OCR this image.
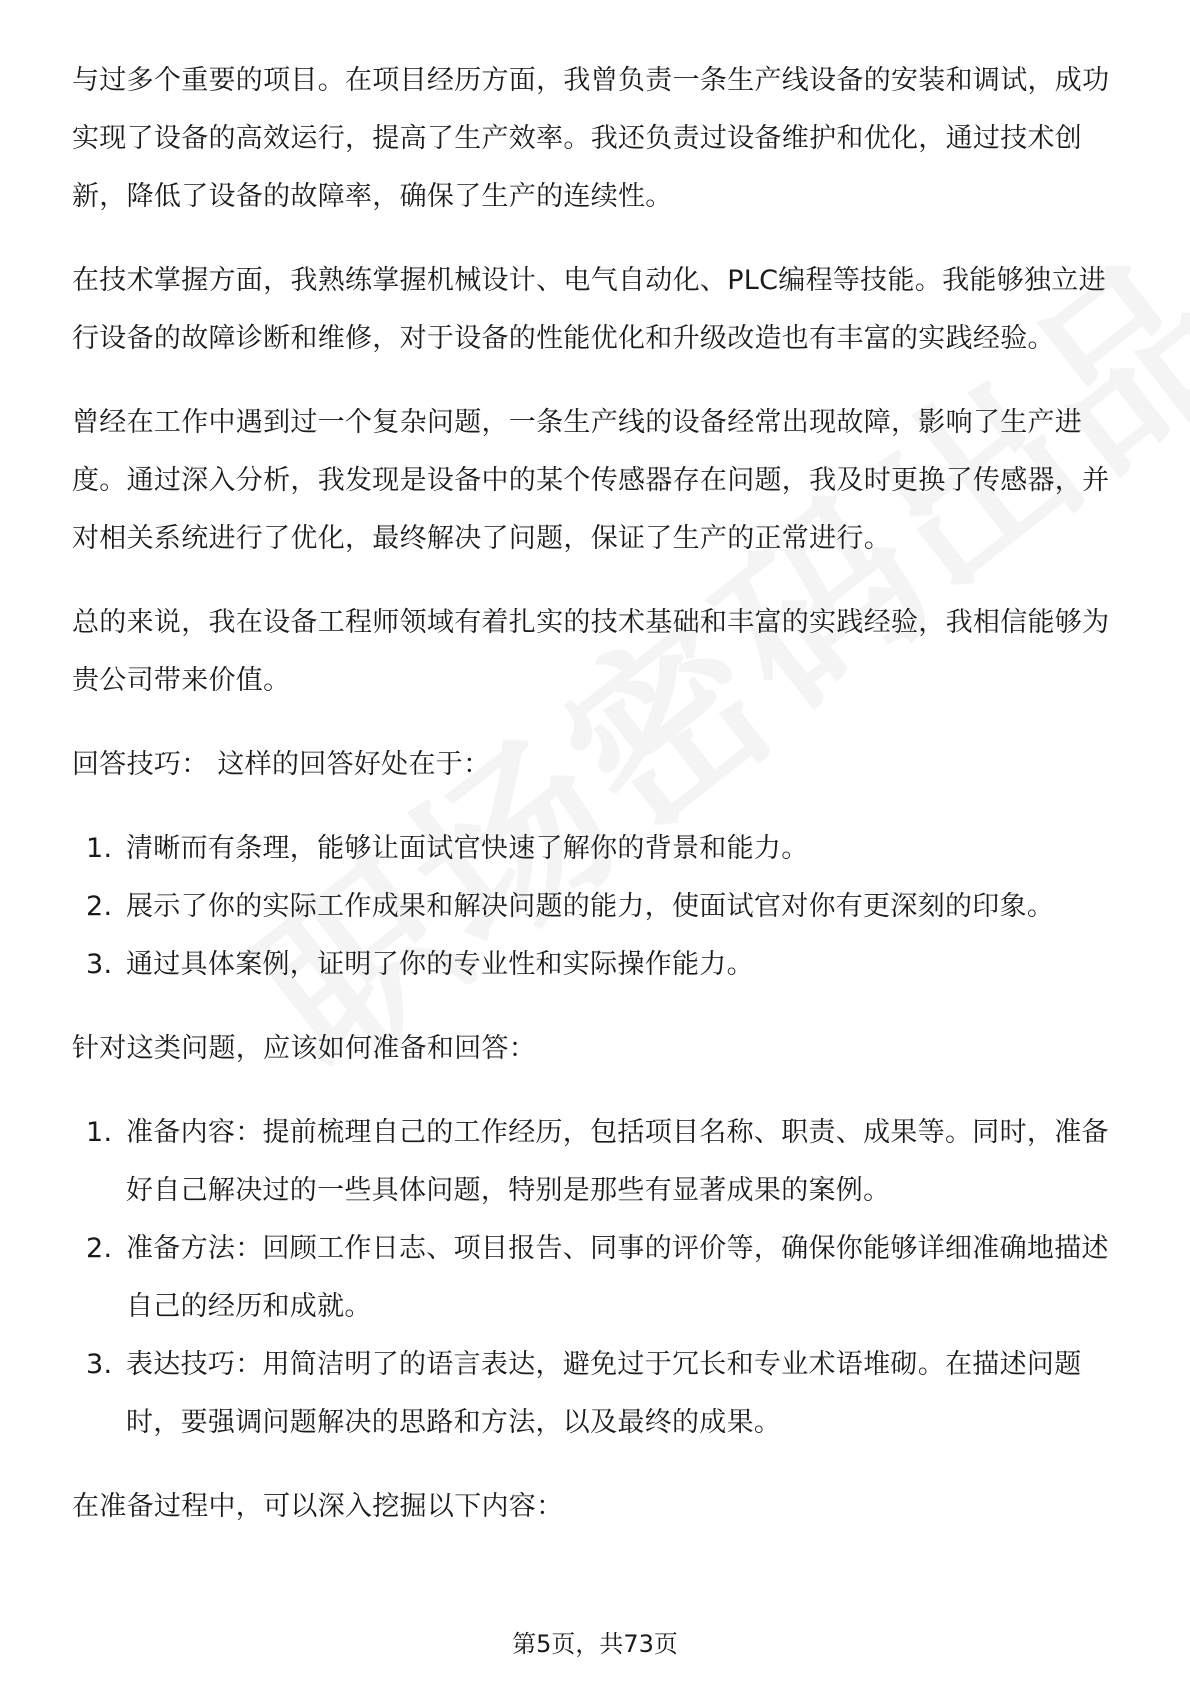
与过多个重要的项目。在项目经历方面，我曾负责一条生产线设备的安装和调试，成功实现了设备的高效运行，提高了生产效率。我还负责过设备维护和优化，通过技术创新，降低了设备的故障率，确保了生产的连续性。

在技术掌握方面，我熟练掌握机械设计、电气自动化、PLC编程等技能。我能够独立进行设备的故障诊断和维修，对于设备的性能优化和升级改造也有丰富的实践经验。

曾经在工作中遇到过一个复杂问题，一条生产线的设备经常出现故障，影响了生产进度。通过深入分析，我发现是设备中的某个传感器存在问题，我及时更换了传感器，并对相关系统进行了优化，最终解决了问题，保证了生产的正常进行。

总的来说，我在设备工程师领域有着扎实的技术基础和丰富的实践经验，我相信能够为贵公司带来价值。

回答技巧： 这样的回答好处在于：

1. 清晰而有条理，能够让面试官快速了解你的背景和能力。
2. 展示了你的实际工作成果和解决问题的能力，使面试官对你有更深刻的印象。
3. 通过具体案例，证明了你的专业性和实际操作能力。

针对这类问题，应该如何准备和回答：

1. 准备内容：提前梳理自己的工作经历，包括项目名称、职责、成果等。同时，准备好自己解决过的一些具体问题，特别是那些有显著成果的案例。
2. 准备方法：回顾工作日志、项目报告、同事的评价等，确保你能够详细准确地描述自己的经历和成就。
3. 表达技巧：用简洁明了的语言表达，避免过于冗长和专业术语堆砌。在描述问题时，要强调问题解决的思路和方法，以及最终的成果。

在准备过程中，可以深入挖掘以下内容：

第5页，共73页
